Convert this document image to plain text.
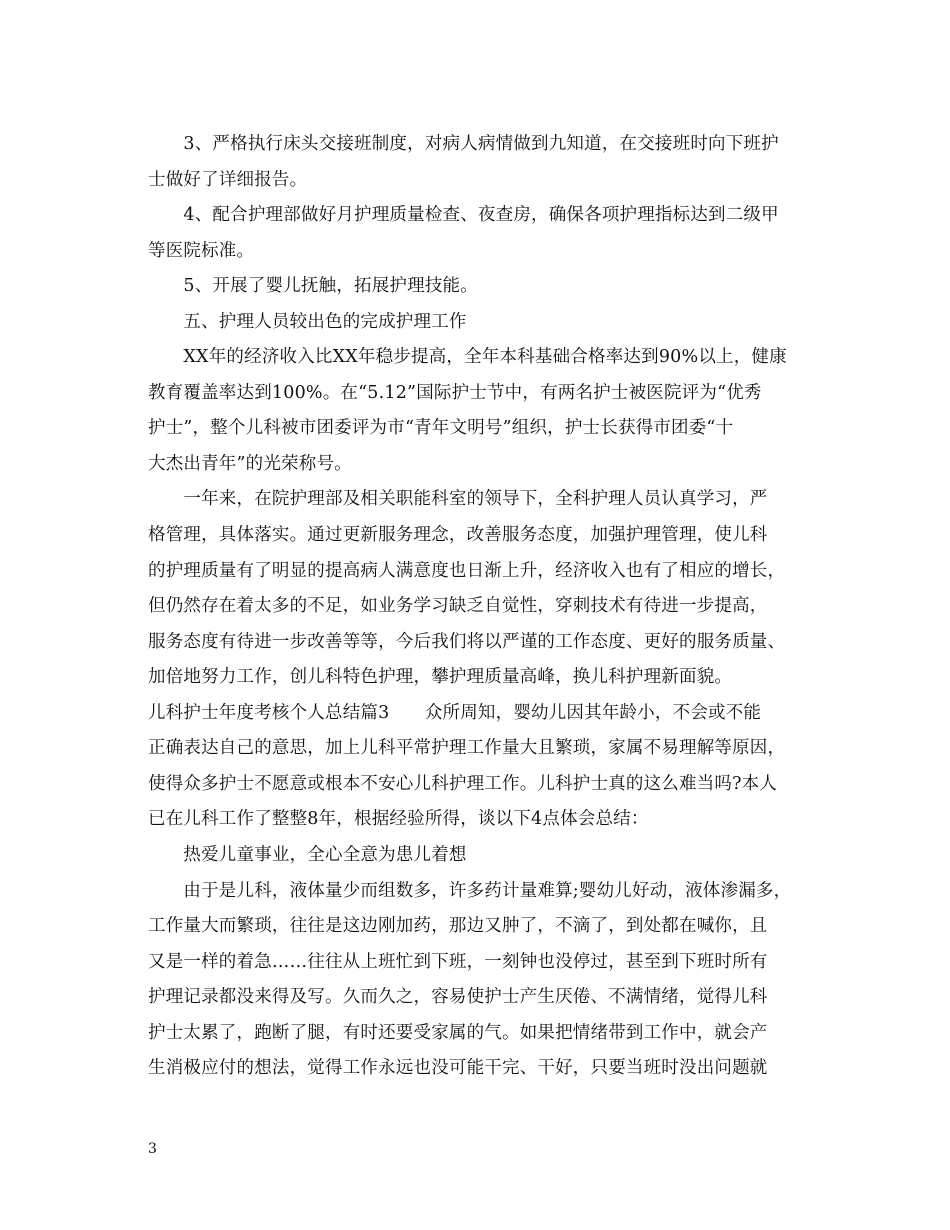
　　3、严格执行床头交接班制度，对病人病情做到九知道，在交接班时向下班护
士做好了详细报告。
　　4、配合护理部做好月护理质量检查、夜查房，确保各项护理指标达到二级甲
等医院标准。
　　5、开展了婴儿抚触，拓展护理技能。
　　五、护理人员较出色的完成护理工作
　　XX年的经济收入比XX年稳步提高，全年本科基础合格率达到90%以上，健康
教育覆盖率达到100%。在“5.12”国际护士节中，有两名护士被医院评为“优秀
护士”，整个儿科被市团委评为市“青年文明号”组织，护士长获得市团委“十
大杰出青年”的光荣称号。
　　一年来，在院护理部及相关职能科室的领导下，全科护理人员认真学习，严
格管理，具体落实。通过更新服务理念，改善服务态度，加强护理管理，使儿科
的护理质量有了明显的提高病人满意度也日渐上升，经济收入也有了相应的增长，
但仍然存在着太多的不足，如业务学习缺乏自觉性，穿刺技术有待进一步提高，
服务态度有待进一步改善等等，今后我们将以严谨的工作态度、更好的服务质量、
加倍地努力工作，创儿科特色护理，攀护理质量高峰，换儿科护理新面貌。
儿科护士年度考核个人总结篇3　　众所周知，婴幼儿因其年龄小，不会或不能
正确表达自己的意思，加上儿科平常护理工作量大且繁琐，家属不易理解等原因，
使得众多护士不愿意或根本不安心儿科护理工作。儿科护士真的这么难当吗?本人
已在儿科工作了整整8年，根据经验所得，谈以下4点体会总结：
　　热爱儿童事业，全心全意为患儿着想
　　由于是儿科，液体量少而组数多，许多药计量难算;婴幼儿好动，液体渗漏多，
工作量大而繁琐，往往是这边刚加药，那边又肿了，不滴了，到处都在喊你，且
又是一样的着急……往往从上班忙到下班，一刻钟也没停过，甚至到下班时所有
护理记录都没来得及写。久而久之，容易使护士产生厌倦、不满情绪，觉得儿科
护士太累了，跑断了腿，有时还要受家属的气。如果把情绪带到工作中，就会产
生消极应付的想法，觉得工作永远也没可能干完、干好，只要当班时没出问题就
3
